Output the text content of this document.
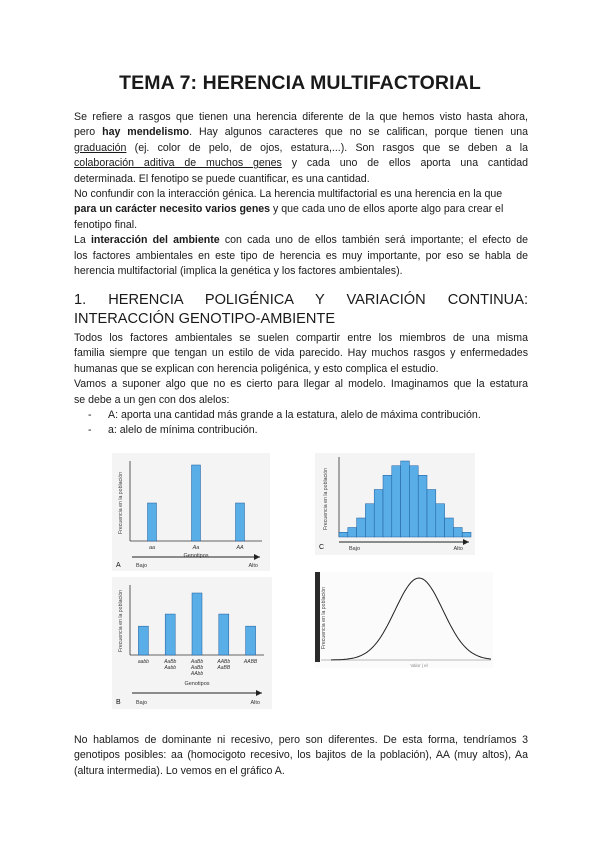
TEMA 7: HERENCIA MULTIFACTORIAL
Se refiere a rasgos que tienen una herencia diferente de la que hemos visto hasta ahora,
pero hay mendelismo. Hay algunos caracteres que no se califican, porque tienen una
graduación (ej. color de pelo, de ojos, estatura,...). Son rasgos que se deben a la
colaboración aditiva de muchos genes y cada uno de ellos aporta una cantidad
determinada. El fenotipo se puede cuantificar, es una cantidad.
No confundir con la interacción génica. La herencia multifactorial es una herencia en la que
para un carácter necesito varios genes y que cada uno de ellos aporte algo para crear el
fenotipo final.
La interacción del ambiente con cada uno de ellos también será importante; el efecto de
los factores ambientales en este tipo de herencia es muy importante, por eso se habla de
herencia multifactorial (implica la genética y los factores ambientales).
1. HERENCIA POLIGÉNICA Y VARIACIÓN CONTINUA:
INTERACCIÓN GENOTIPO-AMBIENTE
Todos los factores ambientales se suelen compartir entre los miembros de una misma
familia siempre que tengan un estilo de vida parecido. Hay muchos rasgos y enfermedades
humanas que se explican con herencia poligénica, y esto complica el estudio.
Vamos a suponer algo que no es cierto para llegar al modelo. Imaginamos que la estatura
se debe a un gen con dos alelos:
-	A: aporta una cantidad más grande a la estatura, alelo de máxima contribución.
-	a: alelo de mínima contribución.
Frecuencia en la población
aa	Aa	AA
Genotipos
A	Bajo	Alto
Frecuencia en la población
C	Bajo	Alto
Frecuencia en la población
aabb	AaBb
Aabb
AaBb
AaBb
AAbb
AABb
AaBB
AABB
Genotipos
B	Bajo	Alto
Frecuencia en la población
Valor | el
No hablamos de dominante ni recesivo, pero son diferentes. De esta forma, tendríamos 3
genotipos posibles: aa (homocigoto recesivo, los bajitos de la población), AA (muy altos), Aa
(altura intermedia). Lo vemos en el gráfico A.
